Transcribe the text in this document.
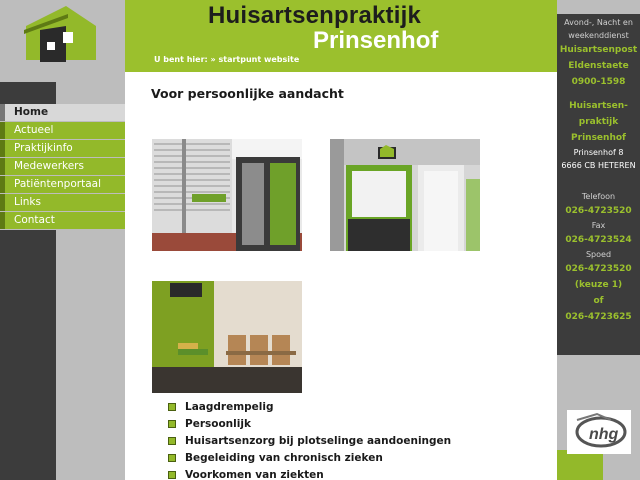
Home
Actueel
Praktijkinfo
Medewerkers
Patiëntenportaal
Links
Contact
Huisartsenpraktijk
Prinsenhof
U bent hier: » startpunt website
Voor persoonlijke aandacht
Laagdrempelig
Persoonlijk
Huisartsenzorg bij plotselinge aandoeningen
Begeleiding van chronisch zieken
Voorkomen van ziekten
Avond-, Nacht en weekenddienst
Huisartsenpost Eldenstaete
0900-1598
Huisartsen-praktijk Prinsenhof
Prinsenhof 8
6666 CB HETEREN
Telefoon
026-4723520
Fax
026-4723524
Spoed
026-4723520
(keuze 1)
of
026-4723625
nhg
